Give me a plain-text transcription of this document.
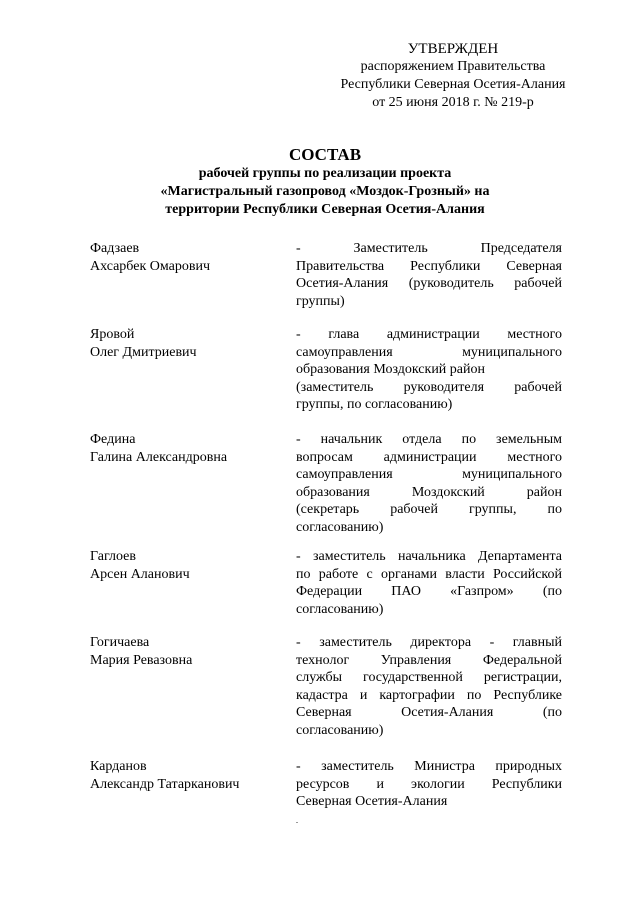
УТВЕРЖДЕН
распоряжением Правительства
Республики Северная Осетия-Алания
от 25 июня 2018 г. № 219-р
СОСТАВ
рабочей группы по реализации проекта
«Магистральный газопровод «Моздок-Грозный» на
территории Республики Северная Осетия-Алания
Фадзаев
Ахсарбек Омарович
- Заместитель Председателя
Правительства Республики Северная
Осетия-Алания (руководитель рабочей
группы)
Яровой
Олег Дмитриевич
- глава администрации местного
самоуправления муниципального
образования Моздокский район
(заместитель руководителя рабочей
группы, по согласованию)
Федина
Галина Александровна
- начальник отдела по земельным
вопросам администрации местного
самоуправления муниципального
образования Моздокский район
(секретарь рабочей группы, по
согласованию)
Гаглоев
Арсен Аланович
- заместитель начальника Департамента
по работе с органами власти Российской
Федерации ПАО «Газпром» (по
согласованию)
Гогичаева
Мария Ревазовна
- заместитель директора - главный
технолог Управления Федеральной
службы государственной регистрации,
кадастра и картографии по Республике
Северная Осетия-Алания (по
согласованию)
Карданов
Александр Татарканович
- заместитель Министра природных
ресурсов и экологии Республики
Северная Осетия-Алания
